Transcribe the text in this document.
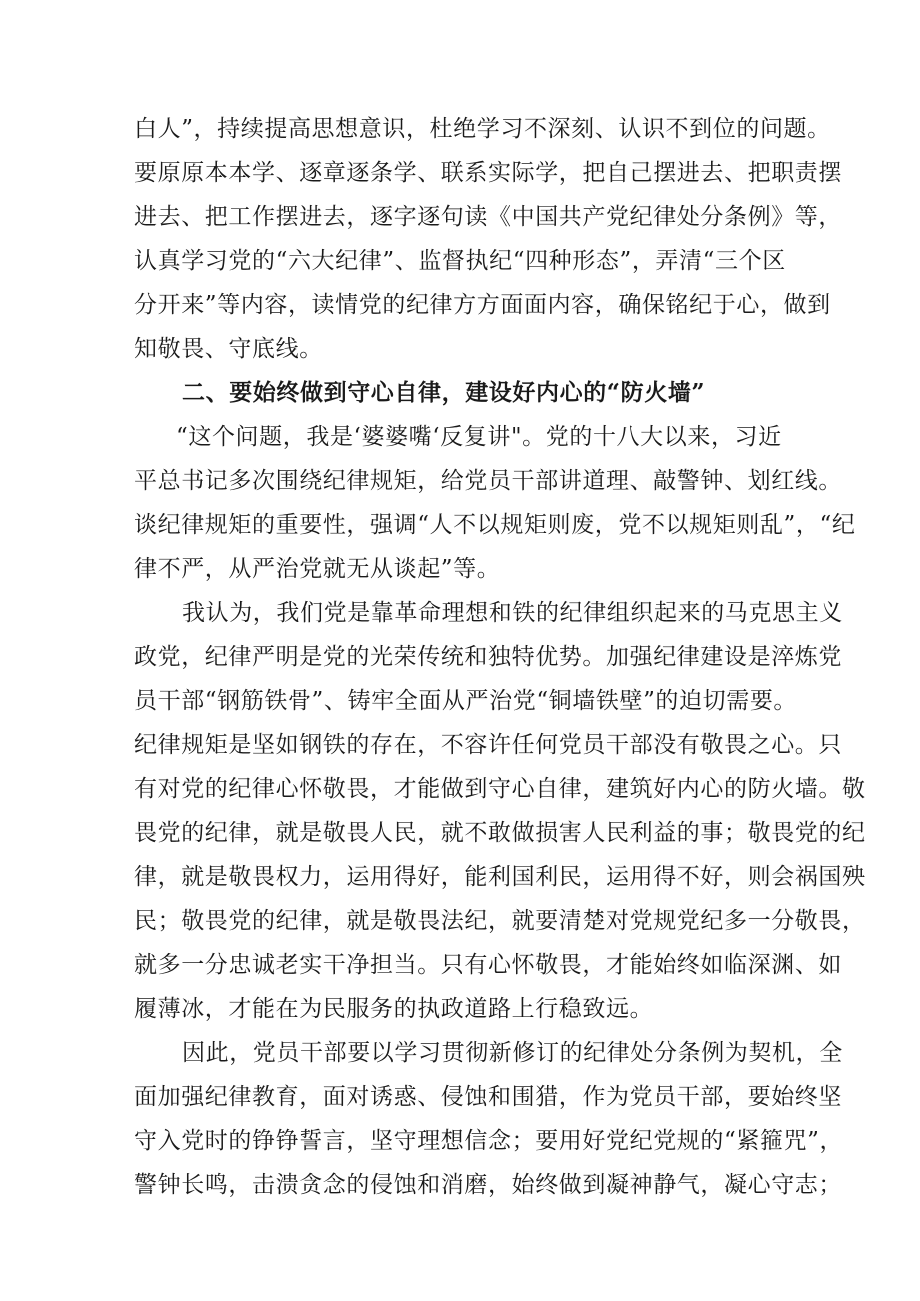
白人”，持续提高思想意识，杜绝学习不深刻、认识不到位的问题。
要原原本本学、逐章逐条学、联系实际学，把自己摆进去、把职责摆
进去、把工作摆进去，逐字逐句读《中国共产党纪律处分条例》等，
认真学习党的“六大纪律”、监督执纪“四种形态”，弄清“三个区
分开来”等内容，读情党的纪律方方面面内容，确保铭纪于心，做到
知敬畏、守底线。
二、要始终做到守心自律，建设好内心的“防火墙”
“这个问题，我是‘婆婆嘴‘反复讲"。党的十八大以来，习近
平总书记多次围绕纪律规矩，给党员干部讲道理、敲警钟、划红线。
谈纪律规矩的重要性，强调“人不以规矩则废，党不以规矩则乱”，“纪
律不严，从严治党就无从谈起”等。
我认为，我们党是靠革命理想和铁的纪律组织起来的马克思主义
政党，纪律严明是党的光荣传统和独特优势。加强纪律建设是淬炼党
员干部“钢筋铁骨”、铸牢全面从严治党“铜墙铁壁”的迫切需要。
纪律规矩是坚如钢铁的存在，不容许任何党员干部没有敬畏之心。只
有对党的纪律心怀敬畏，才能做到守心自律，建筑好内心的防火墙。敬
畏党的纪律，就是敬畏人民，就不敢做损害人民利益的事；敬畏党的纪
律，就是敬畏权力，运用得好，能利国利民，运用得不好，则会祸国殃
民；敬畏党的纪律，就是敬畏法纪，就要清楚对党规党纪多一分敬畏，
就多一分忠诚老实干净担当。只有心怀敬畏，才能始终如临深渊、如
履薄冰，才能在为民服务的执政道路上行稳致远。
因此，党员干部要以学习贯彻新修订的纪律处分条例为契机，全
面加强纪律教育，面对诱惑、侵蚀和围猎，作为党员干部，要始终坚
守入党时的铮铮誓言，坚守理想信念；要用好党纪党规的“紧箍咒”，
警钟长鸣，击溃贪念的侵蚀和消磨，始终做到凝神静气，凝心守志；
